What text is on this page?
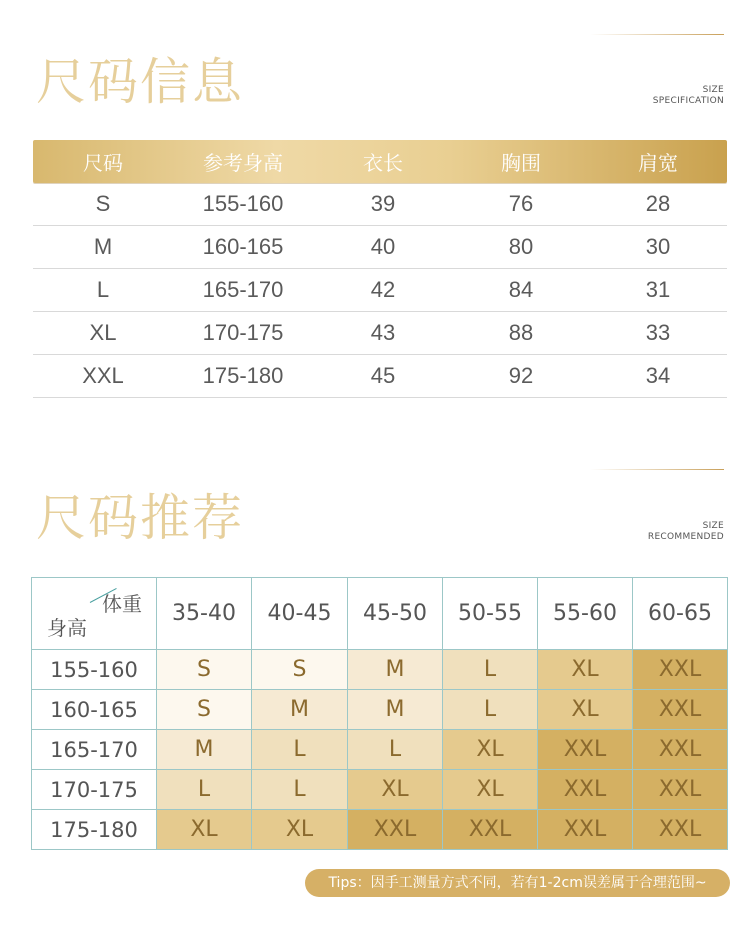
尺码信息	SIZE
SPECIFICATION
尺码	参考身高	衣长	胸围	肩宽
S	155-160	39	76	28
M	160-165	40	80	30
L	165-170	42	84	31
XL	170-175	43	88	33
XXL	175-180	45	92	34
尺码推荐	SIZE
RECOMMENDED
体重
身高	35-40	40-45	45-50	50-55	55-60	60-65
155-160	S	S	M	L	XL	XXL
160-165	S	M	M	L	XL	XXL
165-170	M	L	L	XL	XXL	XXL
170-175	L	L	XL	XL	XXL	XXL
175-180	XL	XL	XXL	XXL	XXL	XXL
Tips：因手工测量方式不同，若有1-2cm误差属于合理范围~
